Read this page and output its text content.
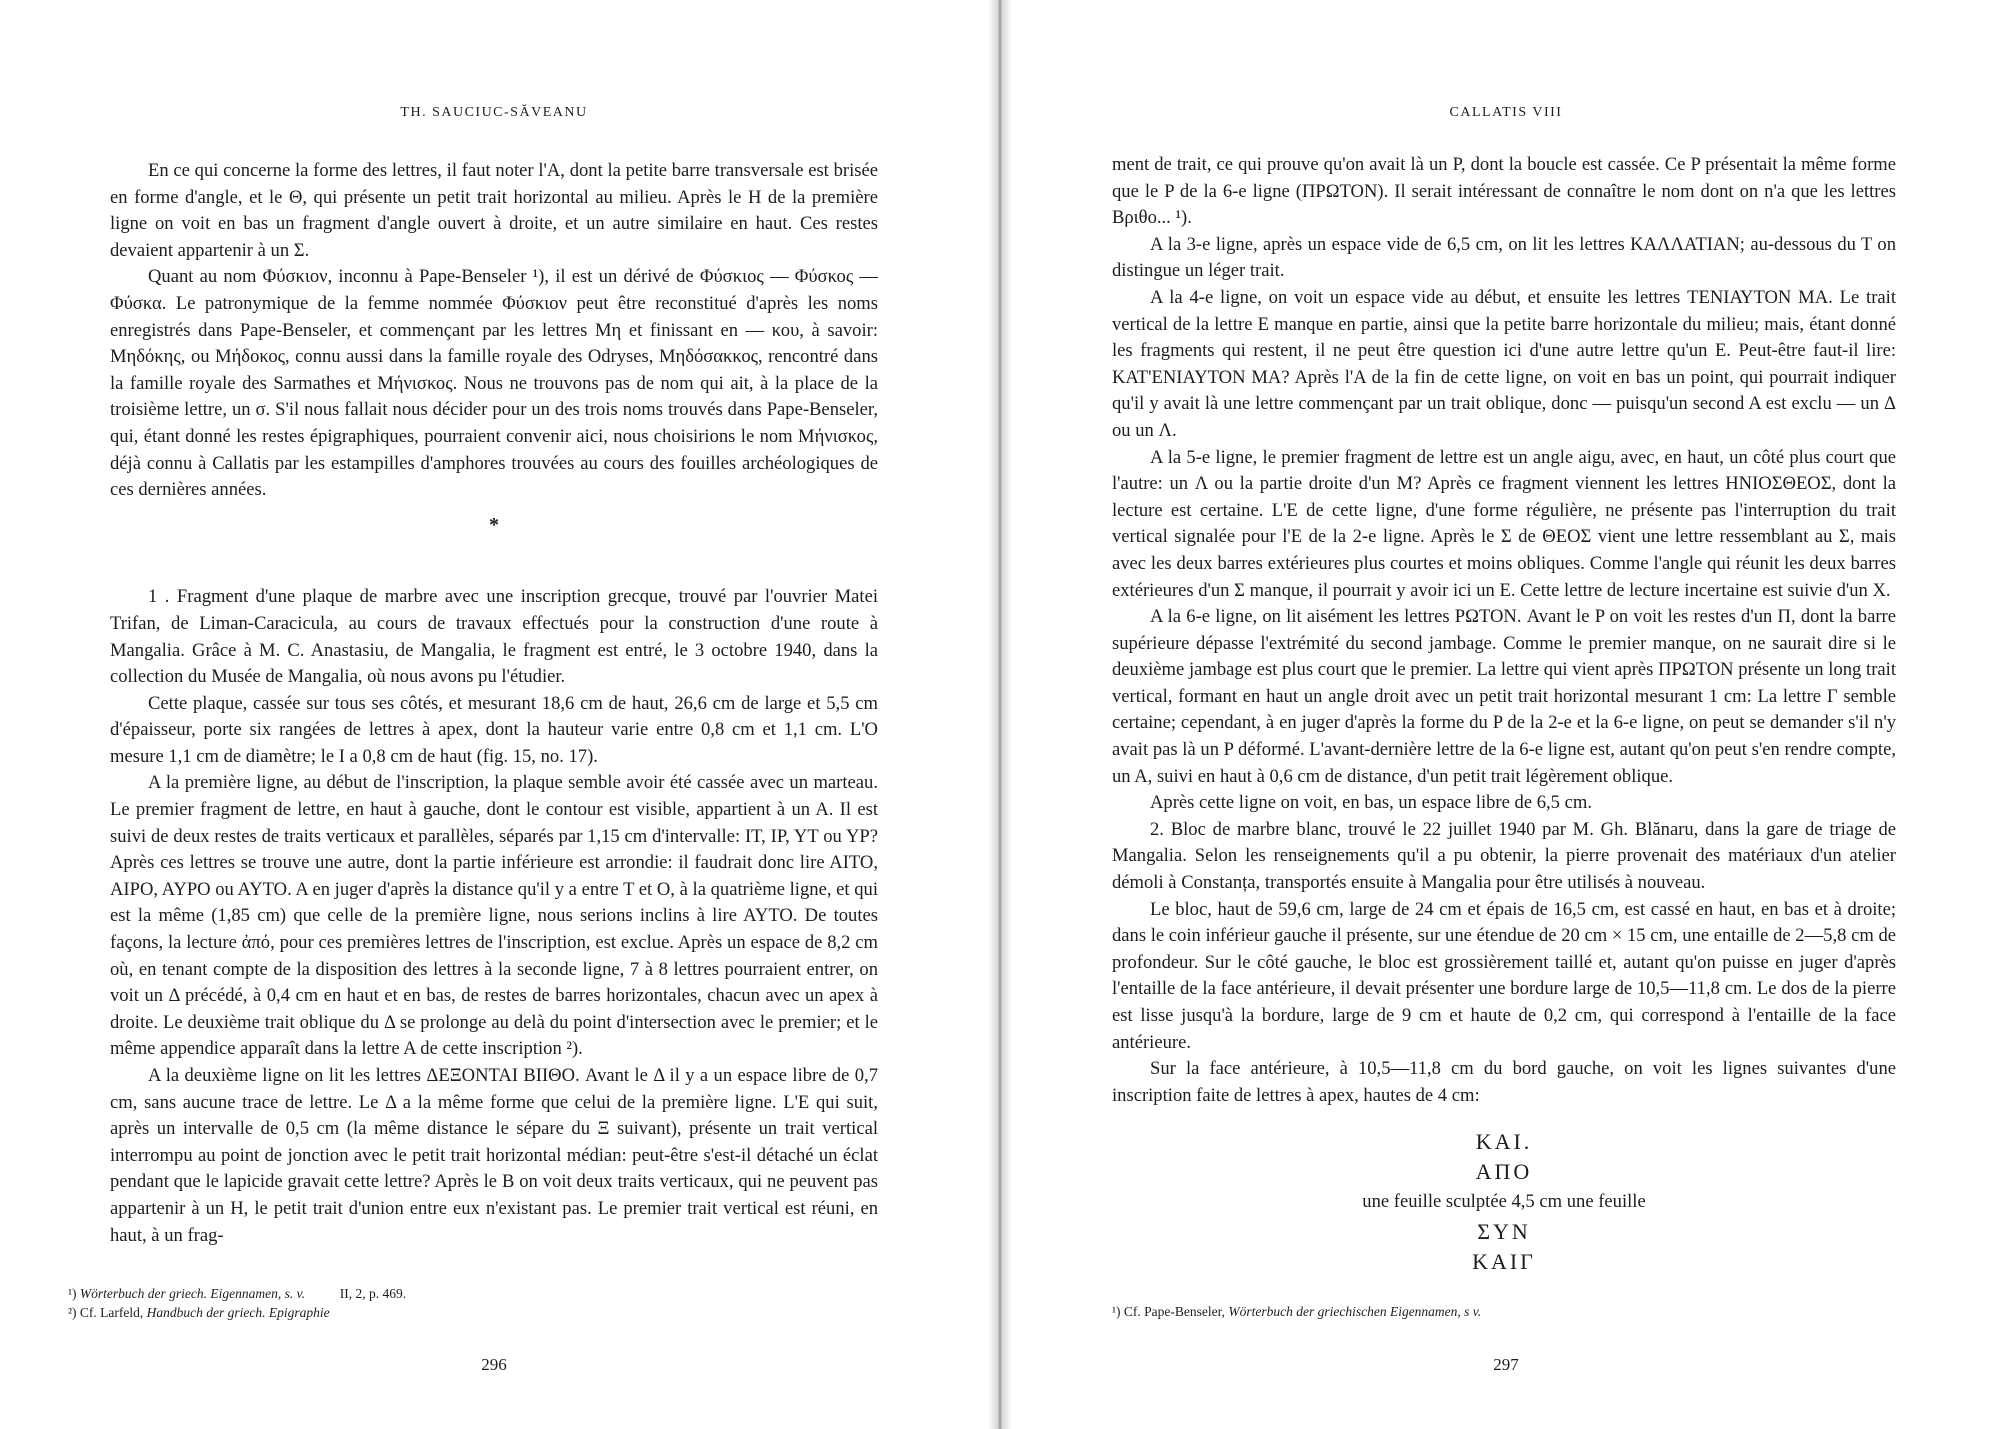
TH. SAUCIUC-SĂVEANU

En ce qui concerne la forme des lettres, il faut noter l'A, dont la petite barre transversale est brisée en forme d'angle, et le Θ, qui présente un petit trait horizontal au milieu. Après le H de la première ligne on voit en bas un fragment d'angle ouvert à droite, et un autre similaire en haut. Ces restes devaient appartenir à un Σ.

Quant au nom Φύσκιον, inconnu à Pape-Benseler ¹), il est un dérivé de Φύσκιος — Φύσκος — Φύσκα. Le patronymique de la femme nommée Φύσκιον peut être reconstitué d'après les noms enregistrés dans Pape-Benseler, et commençant par les lettres Μη et finissant en — κου, à savoir: Μηδόκης, ou Μήδοκος, connu aussi dans la famille royale des Odryses, Μηδόσακκος, rencontré dans la famille royale des Sarmathes et Μήνισκος. Nous ne trouvons pas de nom qui ait, à la place de la troisième lettre, un σ. S'il nous fallait nous décider pour un des trois noms trouvés dans Pape-Benseler, qui, étant donné les restes épigraphiques, pourraient convenir aici, nous choisirions le nom Μήνισκος, déjà connu à Callatis par les estampilles d'amphores trouvées au cours des fouilles archéologiques de ces dernières années.

*

1 . Fragment d'une plaque de marbre avec une inscription grecque, trouvé par l'ouvrier Matei Trifan, de Liman-Caracicula, au cours de travaux effectués pour la construction d'une route à Mangalia. Grâce à M. C. Anastasiu, de Mangalia, le fragment est entré, le 3 octobre 1940, dans la collection du Musée de Mangalia, où nous avons pu l'étudier.

Cette plaque, cassée sur tous ses côtés, et mesurant 18,6 cm de haut, 26,6 cm de large et 5,5 cm d'épaisseur, porte six rangées de lettres à apex, dont la hauteur varie entre 0,8 cm et 1,1 cm. L'O mesure 1,1 cm de diamètre; le I a 0,8 cm de haut (fig. 15, no. 17).

A la première ligne, au début de l'inscription, la plaque semble avoir été cassée avec un marteau. Le premier fragment de lettre, en haut à gauche, dont le contour est visible, appartient à un A. Il est suivi de deux restes de traits verticaux et parallèles, séparés par 1,15 cm d'intervalle: IT, IP, YT ou YP? Après ces lettres se trouve une autre, dont la partie inférieure est arrondie: il faudrait donc lire AITO, AIPO, AYPO ou AYTO. A en juger d'après la distance qu'il y a entre T et O, à la quatrième ligne, et qui est la même (1,85 cm) que celle de la première ligne, nous serions inclins à lire AYTO. De toutes façons, la lecture ἀπό, pour ces premières lettres de l'inscription, est exclue. Après un espace de 8,2 cm où, en tenant compte de la disposition des lettres à la seconde ligne, 7 à 8 lettres pourraient entrer, on voit un Δ précédé, à 0,4 cm en haut et en bas, de restes de barres horizontales, chacun avec un apex à droite. Le deuxième trait oblique du Δ se prolonge au delà du point d'intersection avec le premier; et le même appendice apparaît dans la lettre A de cette inscription ²).

A la deuxième ligne on lit les lettres ΔΕΞΟΝΤΑΙ ΒΙΙΘΟ. Avant le Δ il y a un espace libre de 0,7 cm, sans aucune trace de lettre. Le Δ a la même forme que celui de la première ligne. L'E qui suit, après un intervalle de 0,5 cm (la même distance le sépare du Ξ suivant), présente un trait vertical interrompu au point de jonction avec le petit trait horizontal médian: peut-être s'est-il détaché un éclat pendant que le lapicide gravait cette lettre? Après le B on voit deux traits verticaux, qui ne peuvent pas appartenir à un H, le petit trait d'union entre eux n'existant pas. Le premier trait vertical est réuni, en haut, à un frag-

¹) Wörterbuch der griech. Eigennamen, s. v.	II, 2, p. 469.
²) Cf. Larfeld, Handbuch der griech. Epigraphie
296
CALLATIS VIII

ment de trait, ce qui prouve qu'on avait là un P, dont la boucle est cassée. Ce P présentait la même forme que le P de la 6-e ligne (ΠΡΩΤΟΝ). Il serait intéressant de connaître le nom dont on n'a que les lettres Βριθο... ¹).

A la 3-e ligne, après un espace vide de 6,5 cm, on lit les lettres ΚΑΛΛΑΤΙΑΝ; au-dessous du T on distingue un léger trait.

A la 4-e ligne, on voit un espace vide au début, et ensuite les lettres ΤΕΝΙΑΥΤΟΝ MA. Le trait vertical de la lettre E manque en partie, ainsi que la petite barre horizontale du milieu; mais, étant donné les fragments qui restent, il ne peut être question ici d'une autre lettre qu'un E. Peut-être faut-il lire: KAT'ENIAYTON MA? Après l'A de la fin de cette ligne, on voit en bas un point, qui pourrait indiquer qu'il y avait là une lettre commençant par un trait oblique, donc — puisqu'un second A est exclu — un Δ ou un Λ.

A la 5-e ligne, le premier fragment de lettre est un angle aigu, avec, en haut, un côté plus court que l'autre: un Λ ou la partie droite d'un M? Après ce fragment viennent les lettres ΗΝΙΟΣΘΕΟΣ, dont la lecture est certaine. L'E de cette ligne, d'une forme régulière, ne présente pas l'interruption du trait vertical signalée pour l'E de la 2-e ligne. Après le Σ de ΘΕΟΣ vient une lettre ressemblant au Σ, mais avec les deux barres extérieures plus courtes et moins obliques. Comme l'angle qui réunit les deux barres extérieures d'un Σ manque, il pourrait y avoir ici un E. Cette lettre de lecture incertaine est suivie d'un X.

A la 6-e ligne, on lit aisément les lettres ΡΩΤΟΝ. Avant le P on voit les restes d'un Π, dont la barre supérieure dépasse l'extrémité du second jambage. Comme le premier manque, on ne saurait dire si le deuxième jambage est plus court que le premier. La lettre qui vient après ΠΡΩΤΟΝ présente un long trait vertical, formant en haut un angle droit avec un petit trait horizontal mesurant 1 cm: La lettre Γ semble certaine; cependant, à en juger d'après la forme du P de la 2-e et la 6-e ligne, on peut se demander s'il n'y avait pas là un P déformé. L'avant-dernière lettre de la 6-e ligne est, autant qu'on peut s'en rendre compte, un A, suivi en haut à 0,6 cm de distance, d'un petit trait légèrement oblique.

Après cette ligne on voit, en bas, un espace libre de 6,5 cm.

2. Bloc de marbre blanc, trouvé le 22 juillet 1940 par M. Gh. Blănaru, dans la gare de triage de Mangalia. Selon les renseignements qu'il a pu obtenir, la pierre provenait des matériaux d'un atelier démoli à Constanța, transportés ensuite à Mangalia pour être utilisés à nouveau.

Le bloc, haut de 59,6 cm, large de 24 cm et épais de 16,5 cm, est cassé en haut, en bas et à droite; dans le coin inférieur gauche il présente, sur une étendue de 20 cm × 15 cm, une entaille de 2—5,8 cm de profondeur. Sur le côté gauche, le bloc est grossièrement taillé et, autant qu'on puisse en juger d'après l'entaille de la face antérieure, il devait présenter une bordure large de 10,5—11,8 cm. Le dos de la pierre est lisse jusqu'à la bordure, large de 9 cm et haute de 0,2 cm, qui correspond à l'entaille de la face antérieure.

Sur la face antérieure, à 10,5—11,8 cm du bord gauche, on voit les lignes suivantes d'une inscription faite de lettres à apex, hautes de 4 cm:

ΚΑΙ.
ΑΠΟ
une feuille sculptée 4,5 cm une feuille
ΣΥΝ
ΚΑΙΓ
¹) Cf. Pape-Benseler, Wörterbuch der griechischen Eigennamen, s v.
297
